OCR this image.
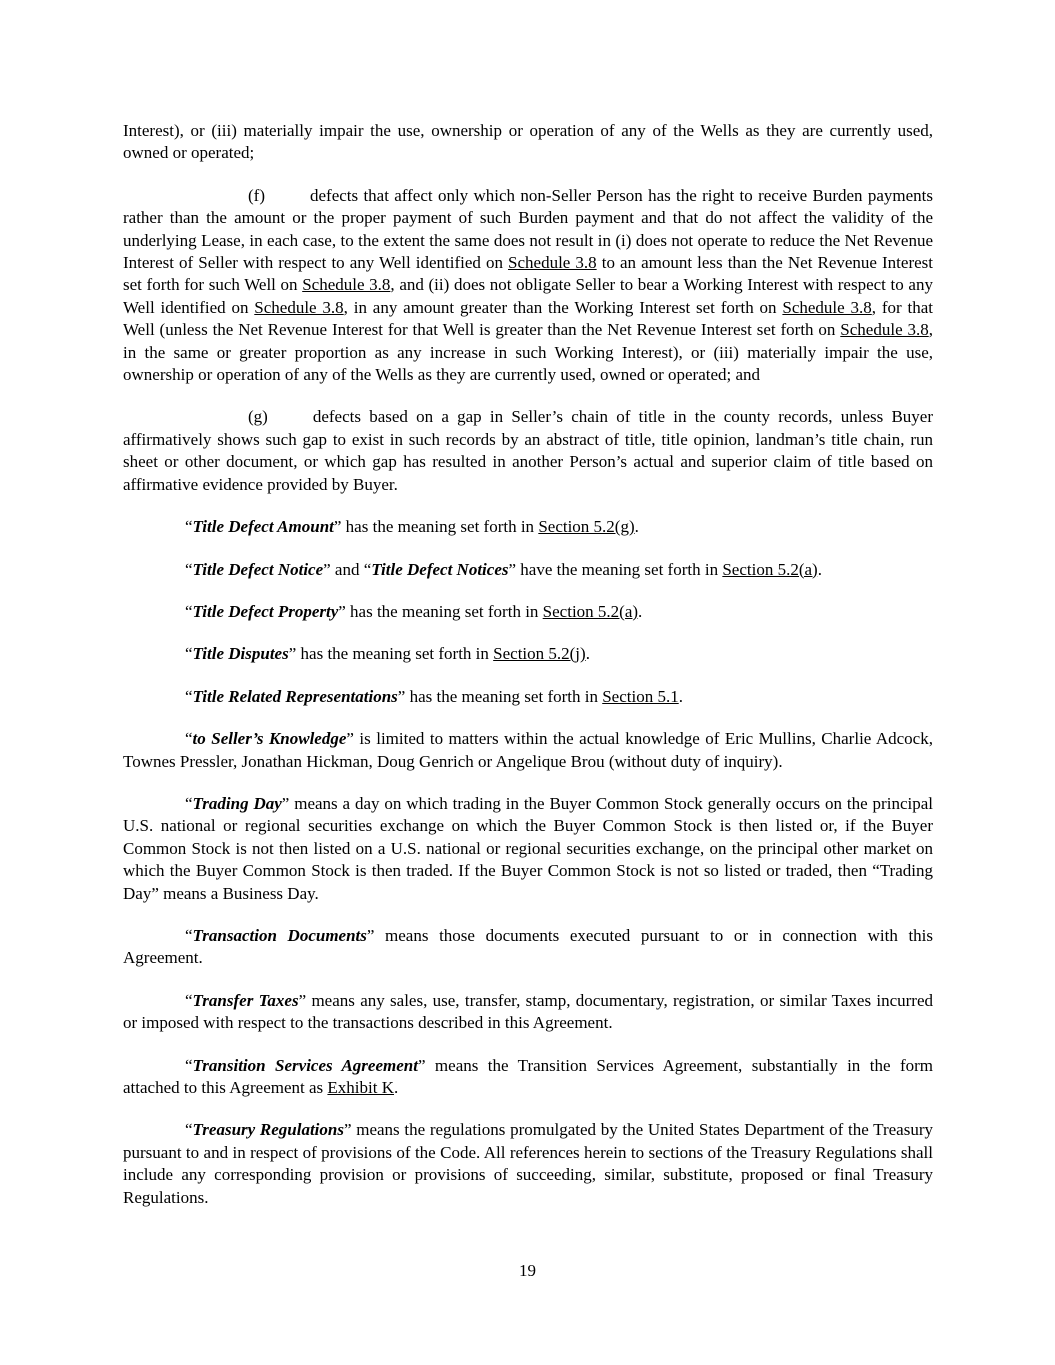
Interest), or (iii) materially impair the use, ownership or operation of any of the Wells as they are currently used, owned or operated;

(f)	defects that affect only which non-Seller Person has the right to receive Burden payments rather than the amount or the proper payment of such Burden payment and that do not affect the validity of the underlying Lease, in each case, to the extent the same does not result in (i) does not operate to reduce the Net Revenue Interest of Seller with respect to any Well identified on Schedule 3.8 to an amount less than the Net Revenue Interest set forth for such Well on Schedule 3.8, and (ii) does not obligate Seller to bear a Working Interest with respect to any Well identified on Schedule 3.8, in any amount greater than the Working Interest set forth on Schedule 3.8, for that Well (unless the Net Revenue Interest for that Well is greater than the Net Revenue Interest set forth on Schedule 3.8, in the same or greater proportion as any increase in such Working Interest), or (iii) materially impair the use, ownership or operation of any of the Wells as they are currently used, owned or operated; and

(g)	defects based on a gap in Seller’s chain of title in the county records, unless Buyer affirmatively shows such gap to exist in such records by an abstract of title, title opinion, landman’s title chain, run sheet or other document, or which gap has resulted in another Person’s actual and superior claim of title based on affirmative evidence provided by Buyer.

“Title Defect Amount” has the meaning set forth in Section 5.2(g).

“Title Defect Notice” and “Title Defect Notices” have the meaning set forth in Section 5.2(a).

“Title Defect Property” has the meaning set forth in Section 5.2(a).

“Title Disputes” has the meaning set forth in Section 5.2(j).

“Title Related Representations” has the meaning set forth in Section 5.1.

“to Seller’s Knowledge” is limited to matters within the actual knowledge of Eric Mullins, Charlie Adcock, Townes Pressler, Jonathan Hickman, Doug Genrich or Angelique Brou (without duty of inquiry).

“Trading Day” means a day on which trading in the Buyer Common Stock generally occurs on the principal U.S. national or regional securities exchange on which the Buyer Common Stock is then listed or, if the Buyer Common Stock is not then listed on a U.S. national or regional securities exchange, on the principal other market on which the Buyer Common Stock is then traded. If the Buyer Common Stock is not so listed or traded, then “Trading Day” means a Business Day.

“Transaction Documents” means those documents executed pursuant to or in connection with this Agreement.

“Transfer Taxes” means any sales, use, transfer, stamp, documentary, registration, or similar Taxes incurred or imposed with respect to the transactions described in this Agreement.

“Transition Services Agreement” means the Transition Services Agreement, substantially in the form attached to this Agreement as Exhibit K.

“Treasury Regulations” means the regulations promulgated by the United States Department of the Treasury pursuant to and in respect of provisions of the Code. All references herein to sections of the Treasury Regulations shall include any corresponding provision or provisions of succeeding, similar, substitute, proposed or final Treasury Regulations.

19
